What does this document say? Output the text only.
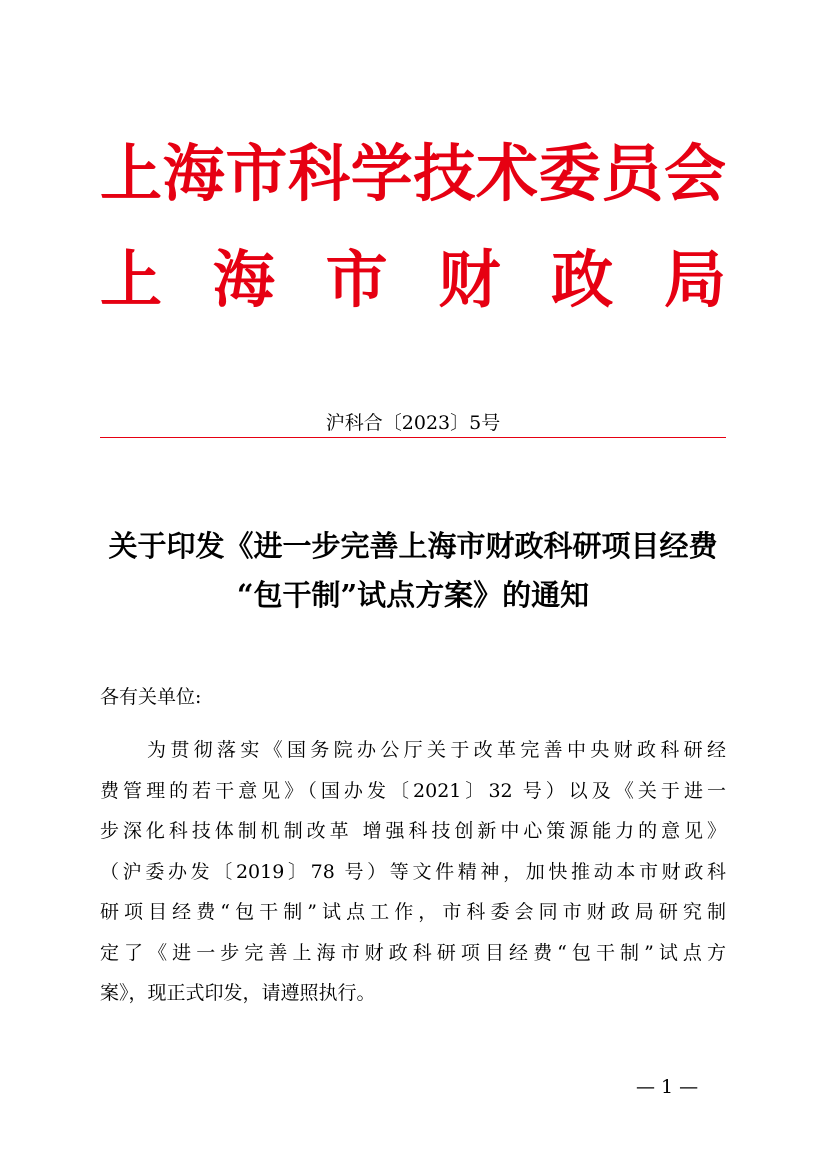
上海市科学技术委员会
上 海 市 财 政 局
沪科合〔2023〕5号
关于印发《进一步完善上海市财政科研项目经费
“包干制”试点方案》的通知
各有关单位:
为贯彻落实《国务院办公厅关于改革完善中央财政科研经
费管理的若干意见》（国办发〔2021〕32 号）以及《关于进一
步深化科技体制机制改革 增强科技创新中心策源能力的意见》
（沪委办发〔2019〕78 号）等文件精神，加快推动本市财政科
研项目经费“包干制”试点工作，市科委会同市财政局研究制
定了《进一步完善上海市财政科研项目经费“包干制”试点方
案》，现正式印发，请遵照执行。
— 1 —
